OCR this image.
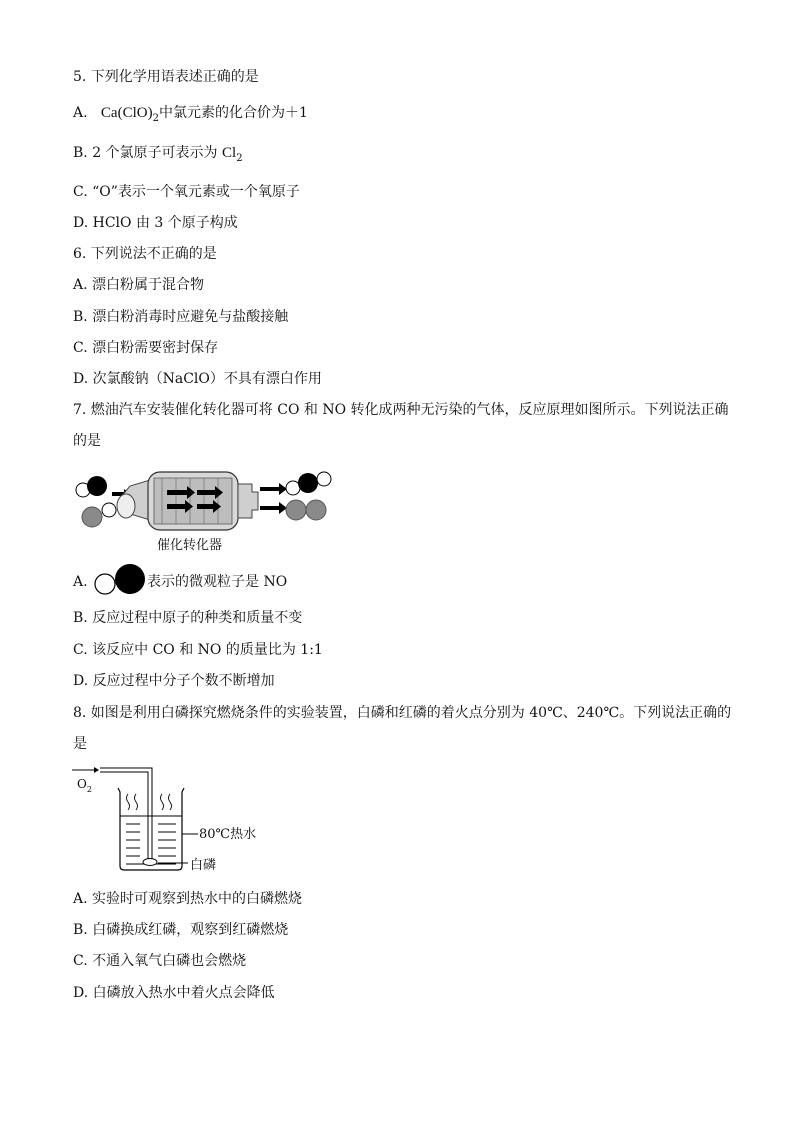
5. 下列化学用语表述正确的是
A. $Ca(ClO)_2$中氯元素的化合价为＋1
B. 2 个氯原子可表示为 $Cl_2$
C. “O”表示一个氧元素或一个氧原子
D. HClO 由 3 个原子构成
6. 下列说法不正确的是
A. 漂白粉属于混合物
B. 漂白粉消毒时应避免与盐酸接触
C. 漂白粉需要密封保存
D. 次氯酸钠（NaClO）不具有漂白作用
7. 燃油汽车安装催化转化器可将 CO 和 NO 转化成两种无污染的气体，反应原理如图所示。下列说法正确
的是
催化转化器
A.	表示的微观粒子是 NO
B. 反应过程中原子的种类和质量不变
C. 该反应中 CO 和 NO 的质量比为 1:1
D. 反应过程中分子个数不断增加
8. 如图是利用白磷探究燃烧条件的实验装置，白磷和红磷的着火点分别为 40℃、240℃。下列说法正确的
是
$O_2$
80℃热水
白磷
A. 实验时可观察到热水中的白磷燃烧
B. 白磷换成红磷，观察到红磷燃烧
C. 不通入氧气白磷也会燃烧
D. 白磷放入热水中着火点会降低
